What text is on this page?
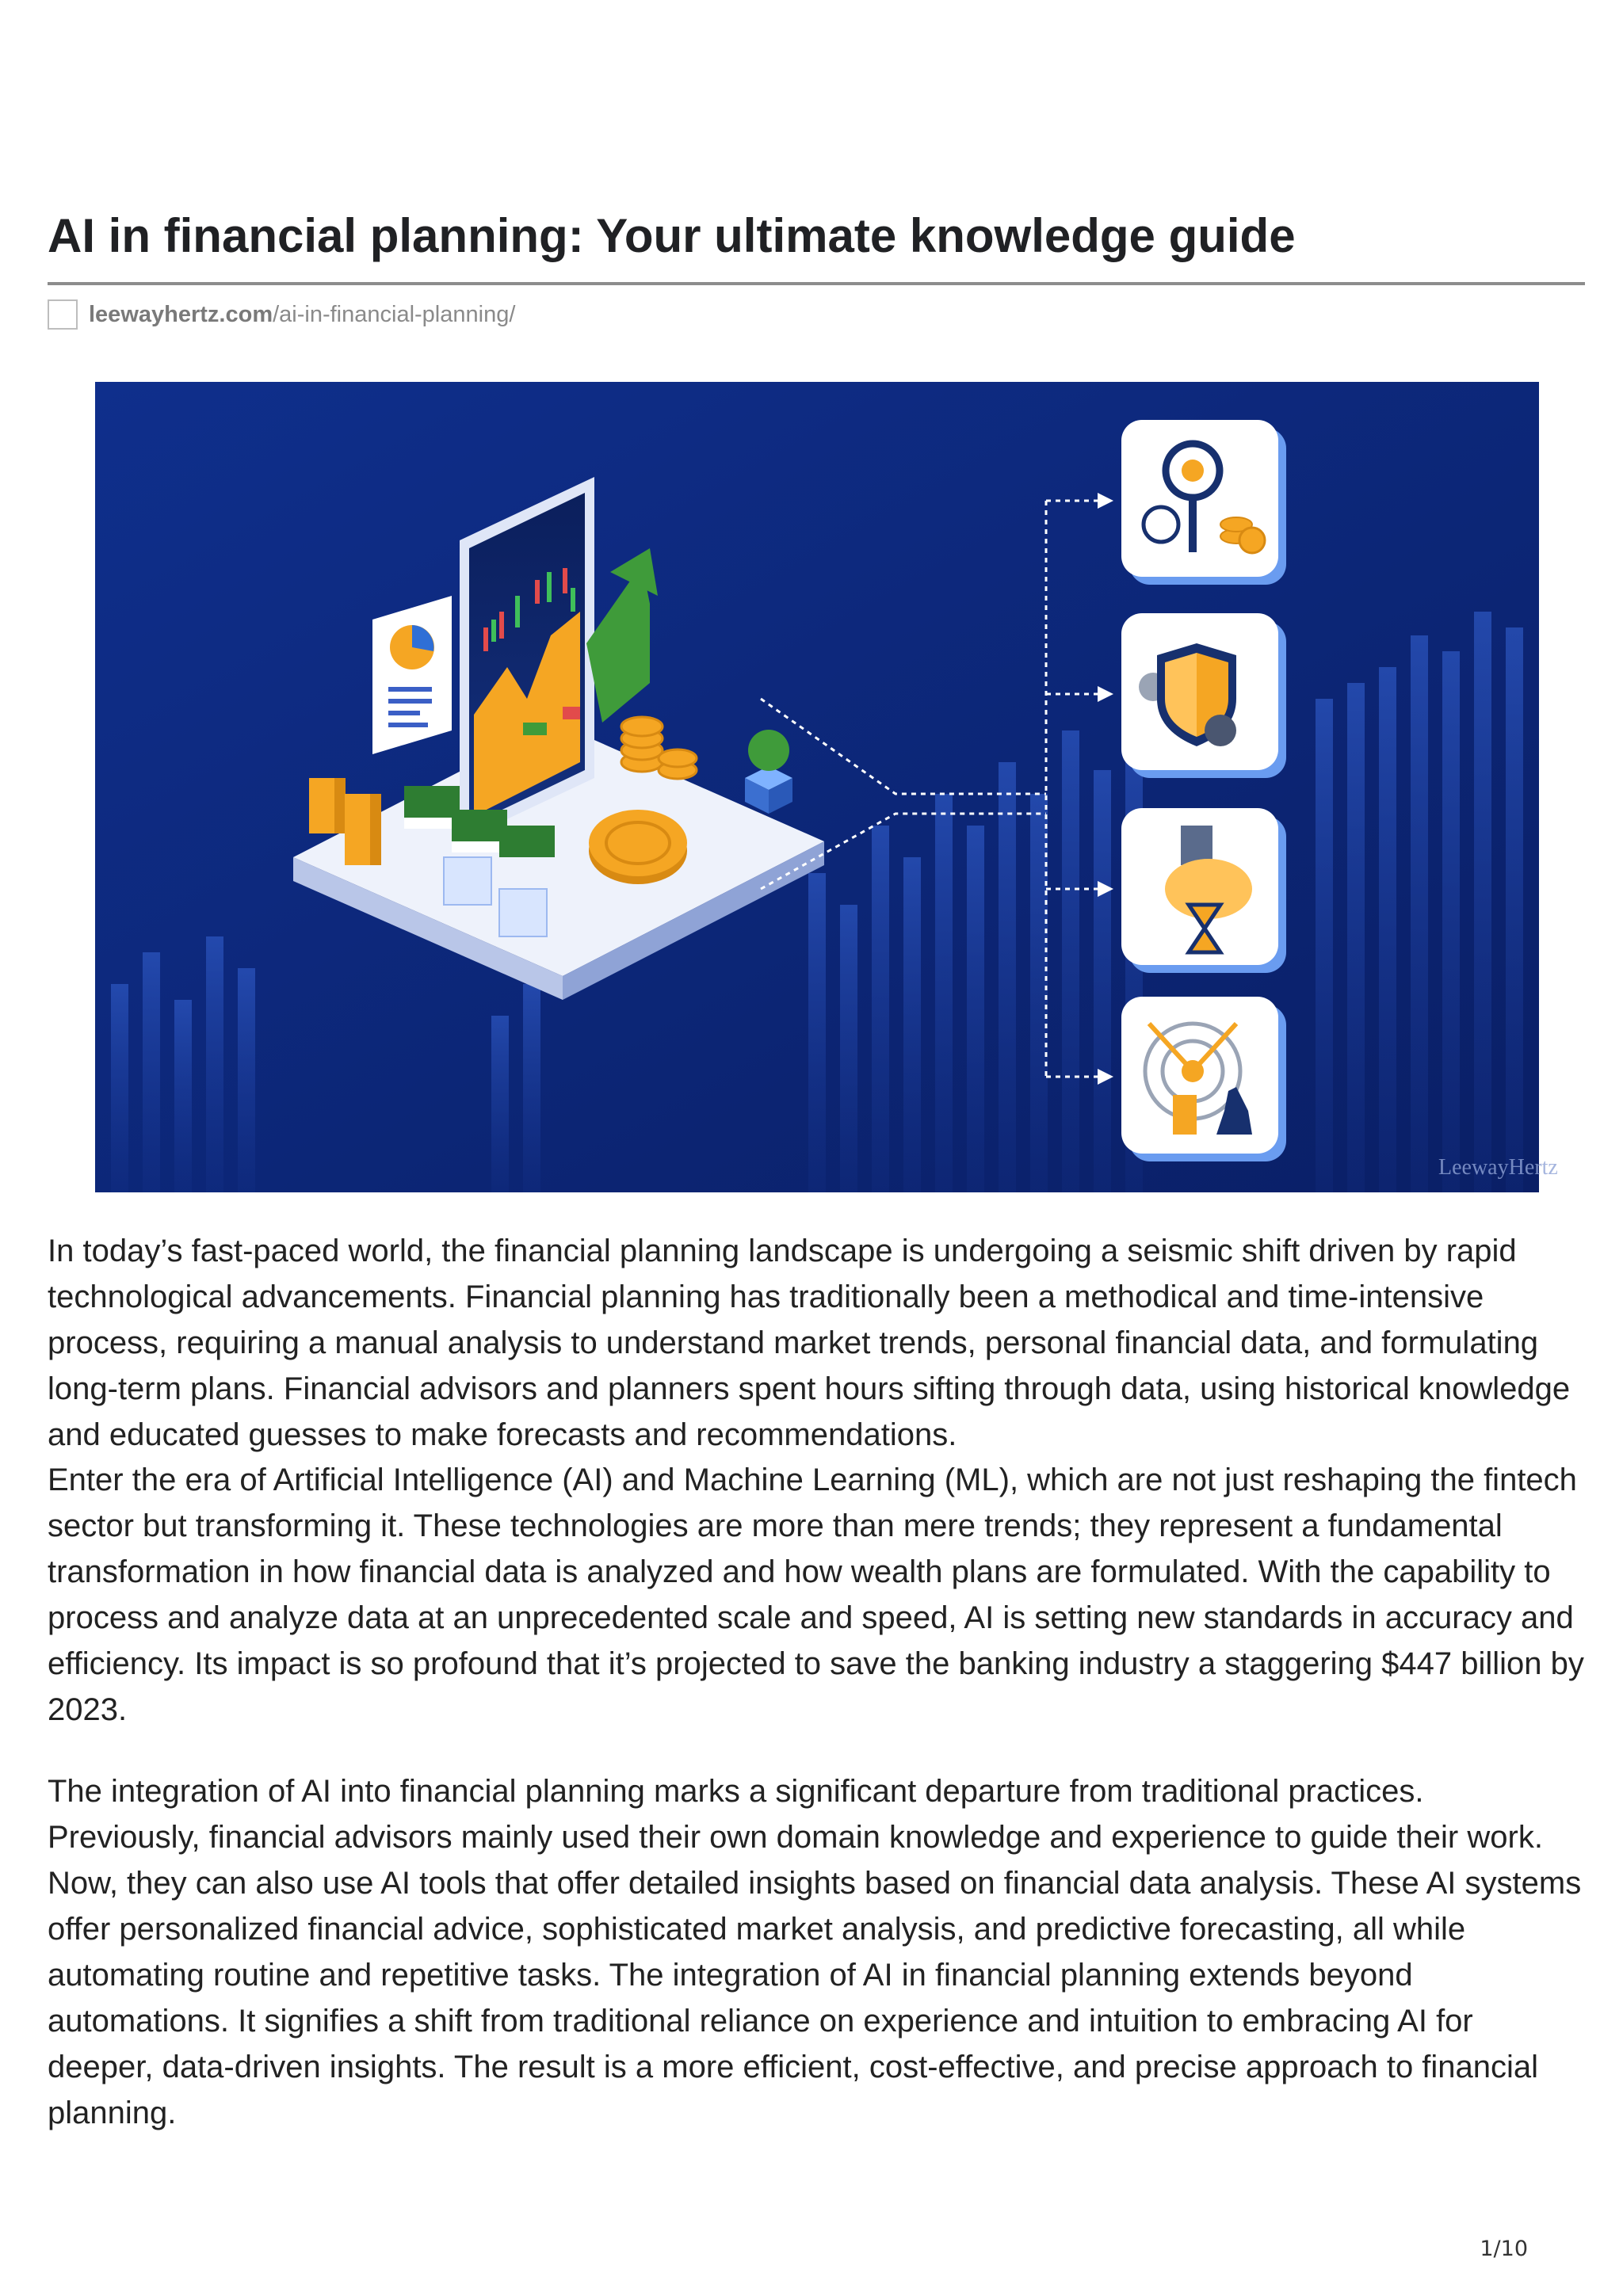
AI in financial planning: Your ultimate knowledge guide
leewayhertz.com/ai-in-financial-planning/
LeewayHertz

In today’s fast-paced world, the financial planning landscape is undergoing a seismic shift driven by rapid technological advancements. Financial planning has traditionally been a methodical and time-intensive process, requiring a manual analysis to understand market trends, personal financial data, and formulating long-term plans. Financial advisors and planners spent hours sifting through data, using historical knowledge and educated guesses to make forecasts and recommendations.

Enter the era of Artificial Intelligence (AI) and Machine Learning (ML), which are not just reshaping the fintech sector but transforming it. These technologies are more than mere trends; they represent a fundamental transformation in how financial data is analyzed and how wealth plans are formulated. With the capability to process and analyze data at an unprecedented scale and speed, AI is setting new standards in accuracy and efficiency. Its impact is so profound that it’s projected to save the banking industry a staggering $447 billion by 2023.

The integration of AI into financial planning marks a significant departure from traditional practices. Previously, financial advisors mainly used their own domain knowledge and experience to guide their work. Now, they can also use AI tools that offer detailed insights based on financial data analysis. These AI systems offer personalized financial advice, sophisticated market analysis, and predictive forecasting, all while automating routine and repetitive tasks. The integration of AI in financial planning extends beyond automations. It signifies a shift from traditional reliance on experience and intuition to embracing AI for deeper, data-driven insights. The result is a more efficient, cost-effective, and precise approach to financial planning.

1/10
